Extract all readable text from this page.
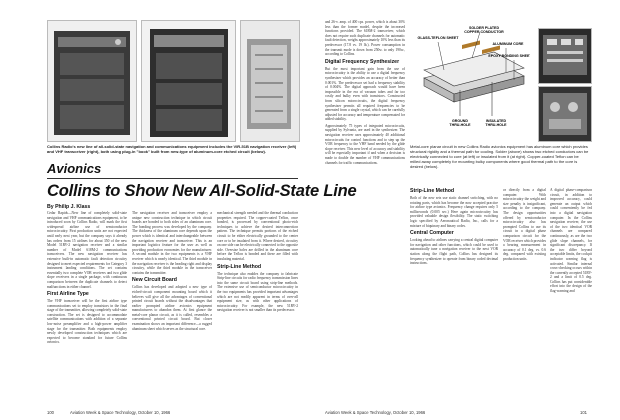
Collins Radio's new line of all-solid-state navigation and communications equipment includes the VIR-51B navigation receiver (left) and VHF transceiver (right), both using plug-in "book" built from new-type of aluminum-core etched circuit (below).
Avionics
Collins to Show New All-Solid-State Line
By Philip J. Klass
Cedar Rapids—New line of completely solid-state navigation and VHF communications equipment, to be introduced soon by Collins Radio, will mark the first widespread airline use of semiconductor microcircuitry. First production units are not expected until early next year, but the company says it already has orders from 15 airlines for about 350 of the new Model 51RV-2 navigation receiver and a similar number of Model 618M-2 communications transceivers. The new navigation receiver has extensive built-in automatic fault detection circuitry designed to meet expected requirements for Category 3 instrument landing conditions. The set contains essentially two complete VOR receivers and two glide slope receivers in a single package, with continuous comparison between the duplicate channels to detect malfunctions in either channel.
First Airline Type
The VHF transceiver will be the first airline type communications set to employ transistors in the final stage of the transmitter, allowing completely solid-state construction. The set is designed to accommodate satellite communications with addition of a separate low-noise preamplifier and a high-power amplifier stage for the transmitter. Both equipments employ newly developed construction techniques which are expected to become standard for future Collins avionics.
The navigation receiver and transceiver employ a unique new construction technique in which circuit boards are bonded to both sides of an aluminum core. The bonding process was developed by the company. The thickness of the aluminum core depends upon the power which is identical and interchangeable between the navigation receiver and transceiver. This is an important logistics feature for the user as well as providing production economies for the manufacturer. A second module in the two equipments is a VHF receiver which is nearly identical. The third module in the navigation receiver is the heading right and display circuitry, while the third module in the transceiver contains the transmitter.
New Circuit Board
Collins has developed and adopted a new type of etched-circuit component mounting board which it believes will give all the advantages of conventional printed circuit boards without the disadvantages that earlier prompted airline avionics equipment manufacturers to abandon them. At first glance the metal-core planar circuit, as it is called, resembles a conventional printed circuit board. But closer examination shows an important difference—a rugged aluminum sheet which serves as the structural core.
mechanical strength needed and the thermal conduction properties required. The copper-coated Teflon, once bonded, is processed by conventional photo-etch techniques to achieve the desired interconnection pattern. The technique permits portions of the etched circuit to be either electrically grounded to the center core or to be insulated from it. Where desired, circuitry on one side can be electrically connected to the opposite side. Oversize holes are drilled in the aluminum core before the Teflon is bonded and these are filled with insulating material.
Strip-Line Method
The technique also enables the company to fabricate Strip-line circuits for radio frequency transmission lines into the same circuit board using strip-line methods. The extensive use of semiconductor microcircuitry in the two equipments has provided important advantages which are not readily apparent in terms of over-all equipment size, as with other applications of microcircuitry. For example, the new 51RV-2 navigation receiver is not smaller than its predecessor.
100	Aviation Week & Space Technology, October 10, 1966
and 26-v. amp. of 400 cps. power, which is about 30% less than the former model, despite the increased functions provided. The 618M-2 transceiver, which does not require such duplicate channels for automatic fault detection, weighs approximately 10% less than its predecessor (17.8 vs. 19 lb.). Power consumption in the transmit mode is down from 250w. to only 190w., according to Collins.
Digital Frequency Synthesizer
But the most important gain from the use of microcircuitry is the ability to use a digital frequency synthesizer which provides an accuracy of better than 0.001%. The predecessor set had a frequency stability of 0.004%. The digital approach would have been impossible in the era of vacuum tubes and far too costly and bulky even with transistors. Constructed from silicon microcircuits, the digital frequency synthesizer permits all required frequencies to be generated from a single crystal, which can be carefully adjusted for accuracy and temperature compensated for added stability.
Approximately 75 types of integrated microcircuits, supplied by Sylvania, are used in the synthesizer. The navigation receiver uses approximately 40 additional microcircuits for control functions and to step up the VOR frequency to the VHF band needed by the glide slope receiver. This new level of accuracy and stability will be especially important if and when a decision is made to double the number of VHF communications channels for traffic communications.
SOLDER PLATED COPPER CONDUCTOR
GLASS-TEFLON SHEET
ALUMINUM CORE
EPOXY BONDING SHEET
GROUND THRU-HOLE
INSULATED THRU-HOLE
Metal-core planar circuit in new Collins Radio avionics equipment has aluminum core which provides structural rigidity and a thermal path for cooling. Solder (above) shows two etched conductors can be electrically connected to core (at left) or insulated from it (at right). Copper-coated Teflon can be milled away completely for mounting bulky components where good thermal path to the core is desired (below).
Strip-Line Method
Both of the new sets use static channel switching, with no rotating parts, which has become the now accepted practice for airline type avionics. Frequency change requires only 5 milliseconds (0.005 sec.) Here again microcircuitry has provided valuable design flexibility. The static switching logic specified by Aeronautical Radio, Inc., calls for a mixture of biquinary and binary codes.
Central Computer
Looking ahead to airlines carrying a central digital computer for navigation and other functions, which could be used to automatically tune a navigation receiver to the next VOR station along the flight path, Collins has designed its frequency synthesizer to operate from binary coded decimal instructions.
or directly from a digital computer. With microcircuitry the weight and size penalty is insignificant, according to the company. The design opportunities offered by semiconductor microcircuitry also has prompted Collins to use its circuit in a digital phase comparison circuit for the VOR receiver which provides a bearing measurement in accuracy of 0.1 deg. vs. 0.6 deg. compared with existing production units.
A digital phase-comparison circuit, in addition to improved accuracy, could generate an output which could conveniently be fed into a digital navigation computer. In the Collins navigation receiver, the use of the two identical VOR channels are compared continuously, as are the two glide slope channels, for significant discrepancy. If the two differ beyond acceptable limits, the cockpit indicator warning flag is activated. Similar internal cross-checking occurs within the currently accepted 51RV-2 and a limit of 0.5 deg. Collins has put considerable effort into the design of the flag-warning and
Aviation Week & Space Technology, October 10, 1966	101
